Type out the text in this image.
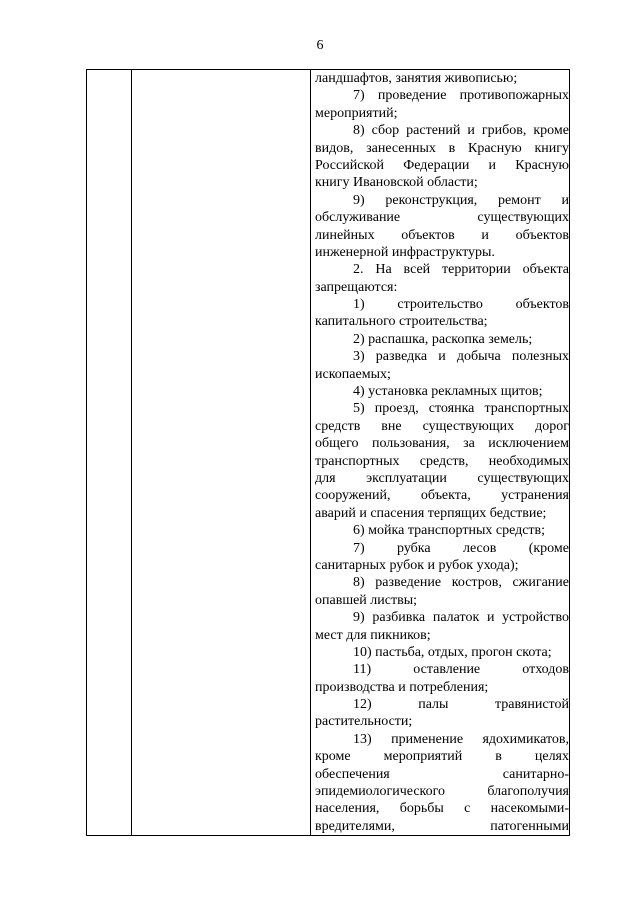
6

ландшафтов, занятия живописью;
7) проведение противопожарных
мероприятий;
8) сбор растений и грибов, кроме
видов, занесенных в Красную книгу
Российской Федерации и Красную
книгу Ивановской области;
9) реконструкция, ремонт и
обслуживание существующих
линейных объектов и объектов
инженерной инфраструктуры.
2. На всей территории объекта
запрещаются:
1) строительство объектов
капитального строительства;
2) распашка, раскопка земель;
3) разведка и добыча полезных
ископаемых;
4) установка рекламных щитов;
5) проезд, стоянка транспортных
средств вне существующих дорог
общего пользования, за исключением
транспортных средств, необходимых
для эксплуатации существующих
сооружений, объекта, устранения
аварий и спасения терпящих бедствие;
6) мойка транспортных средств;
7) рубка лесов (кроме
санитарных рубок и рубок ухода);
8) разведение костров, сжигание
опавшей листвы;
9) разбивка палаток и устройство
мест для пикников;
10) пастьба, отдых, прогон скота;
11) оставление отходов
производства и потребления;
12) палы травянистой
растительности;
13) применение ядохимикатов,
кроме мероприятий в целях
обеспечения санитарно-
эпидемиологического благополучия
населения, борьбы с насекомыми-
вредителями, патогенными
